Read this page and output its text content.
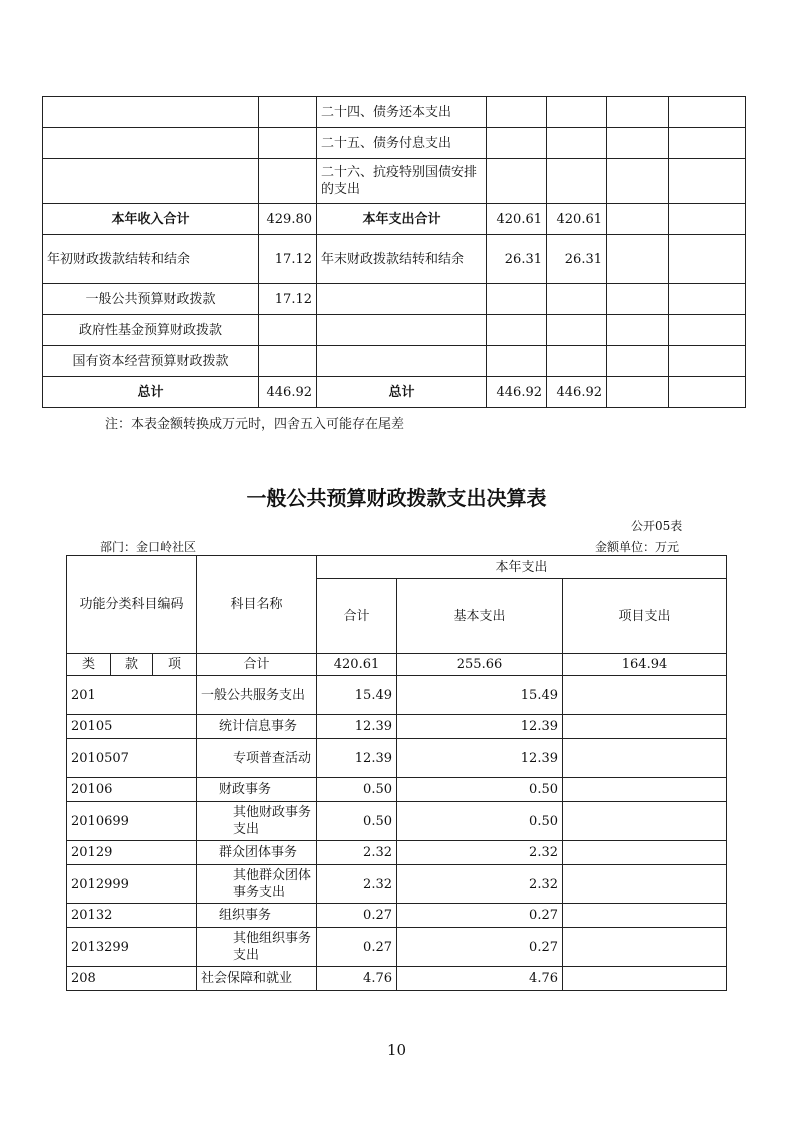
		二十四、债务还本支出				
		二十五、债务付息支出				
		二十六、抗疫特别国债安排的支出				
本年收入合计	429.80	本年支出合计	420.61	420.61		
年初财政拨款结转和结余	17.12	年末财政拨款结转和结余	26.31	26.31		
一般公共预算财政拨款	17.12					
政府性基金预算财政拨款						
国有资本经营预算财政拨款						
总计	446.92	总计	446.92	446.92		
注：本表金额转换成万元时，四舍五入可能存在尾差
一般公共预算财政拨款支出决算表
公开05表
部门：金口岭社区	金额单位：万元
功能分类科目编码			科目名称	本年支出		
				合计	基本支出	项目支出
类	款	项	合计	420.61	255.66	164.94
201			一般公共服务支出	15.49	15.49	
20105			统计信息事务	12.39	12.39	
2010507			专项普查活动	12.39	12.39	
20106			财政事务	0.50	0.50	
2010699			其他财政事务支出	0.50	0.50	
20129			群众团体事务	2.32	2.32	
2012999			其他群众团体事务支出	2.32	2.32	
20132			组织事务	0.27	0.27	
2013299			其他组织事务支出	0.27	0.27	
208			社会保障和就业	4.76	4.76	
10
